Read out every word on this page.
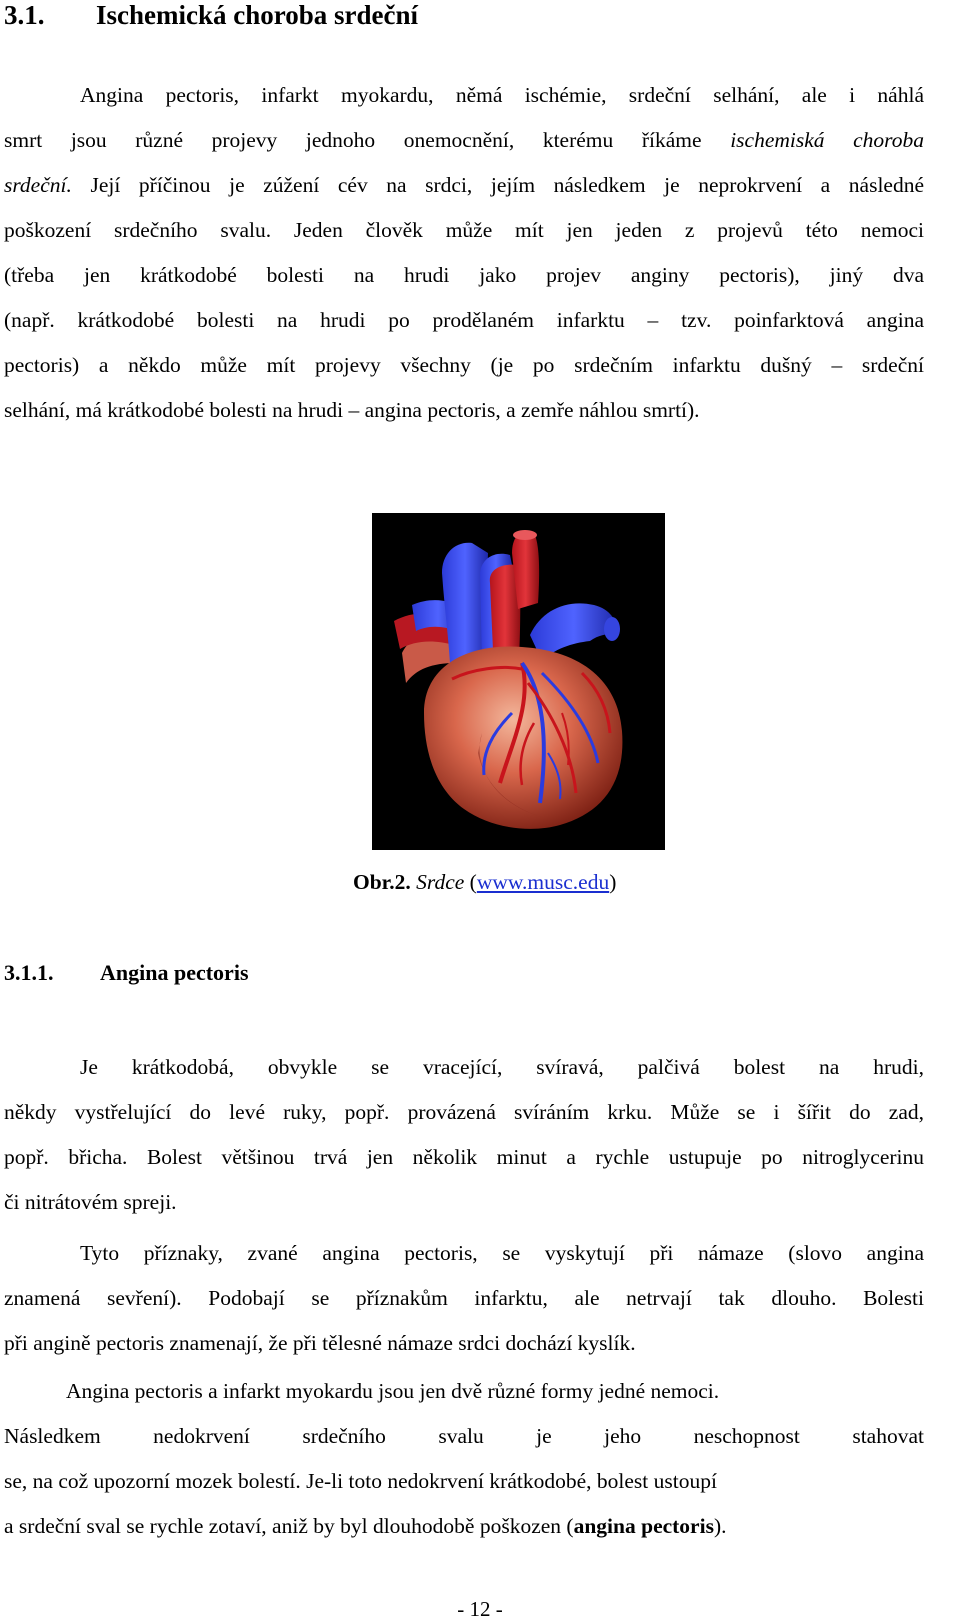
3.1. Ischemická choroba srdeční
Angina pectoris, infarkt myokardu, němá ischémie, srdeční selhání, ale i náhlá
smrt jsou různé projevy jednoho onemocnění, kterému říkáme ischemiská choroba
srdeční. Její příčinou je zúžení cév na srdci, jejím následkem je neprokrvení a následné
poškození srdečního svalu. Jeden člověk může mít jen jeden z projevů této nemoci
(třeba jen krátkodobé bolesti na hrudi jako projev anginy pectoris), jiný dva
(např. krátkodobé bolesti na hrudi po prodělaném infarktu – tzv. poinfarktová angina
pectoris) a někdo může mít projevy všechny (je po srdečním infarktu dušný – srdeční
selhání, má krátkodobé bolesti na hrudi – angina pectoris, a zemře náhlou smrtí).
Obr.2. Srdce (www.musc.edu)
3.1.1. Angina pectoris
Je krátkodobá, obvykle se vracející, svíravá, palčivá bolest na hrudi,
někdy vystřelující do levé ruky, popř. provázená svíráním krku. Může se i šířit do zad,
popř. břicha. Bolest většinou trvá jen několik minut a rychle ustupuje po nitroglycerinu
či nitrátovém spreji.
Tyto příznaky, zvané angina pectoris, se vyskytují při námaze (slovo angina
znamená sevření). Podobají se příznakům infarktu, ale netrvají tak dlouho. Bolesti
při angině pectoris znamenají, že při tělesné námaze srdci dochází kyslík.
Angina pectoris a infarkt myokardu jsou jen dvě různé formy jedné nemoci.
Následkem nedokrvení srdečního svalu je jeho neschopnost stahovat
se, na což upozorní mozek bolestí. Je-li toto nedokrvení krátkodobé, bolest ustoupí
a srdeční sval se rychle zotaví, aniž by byl dlouhodobě poškozen (angina pectoris).
- 12 -
